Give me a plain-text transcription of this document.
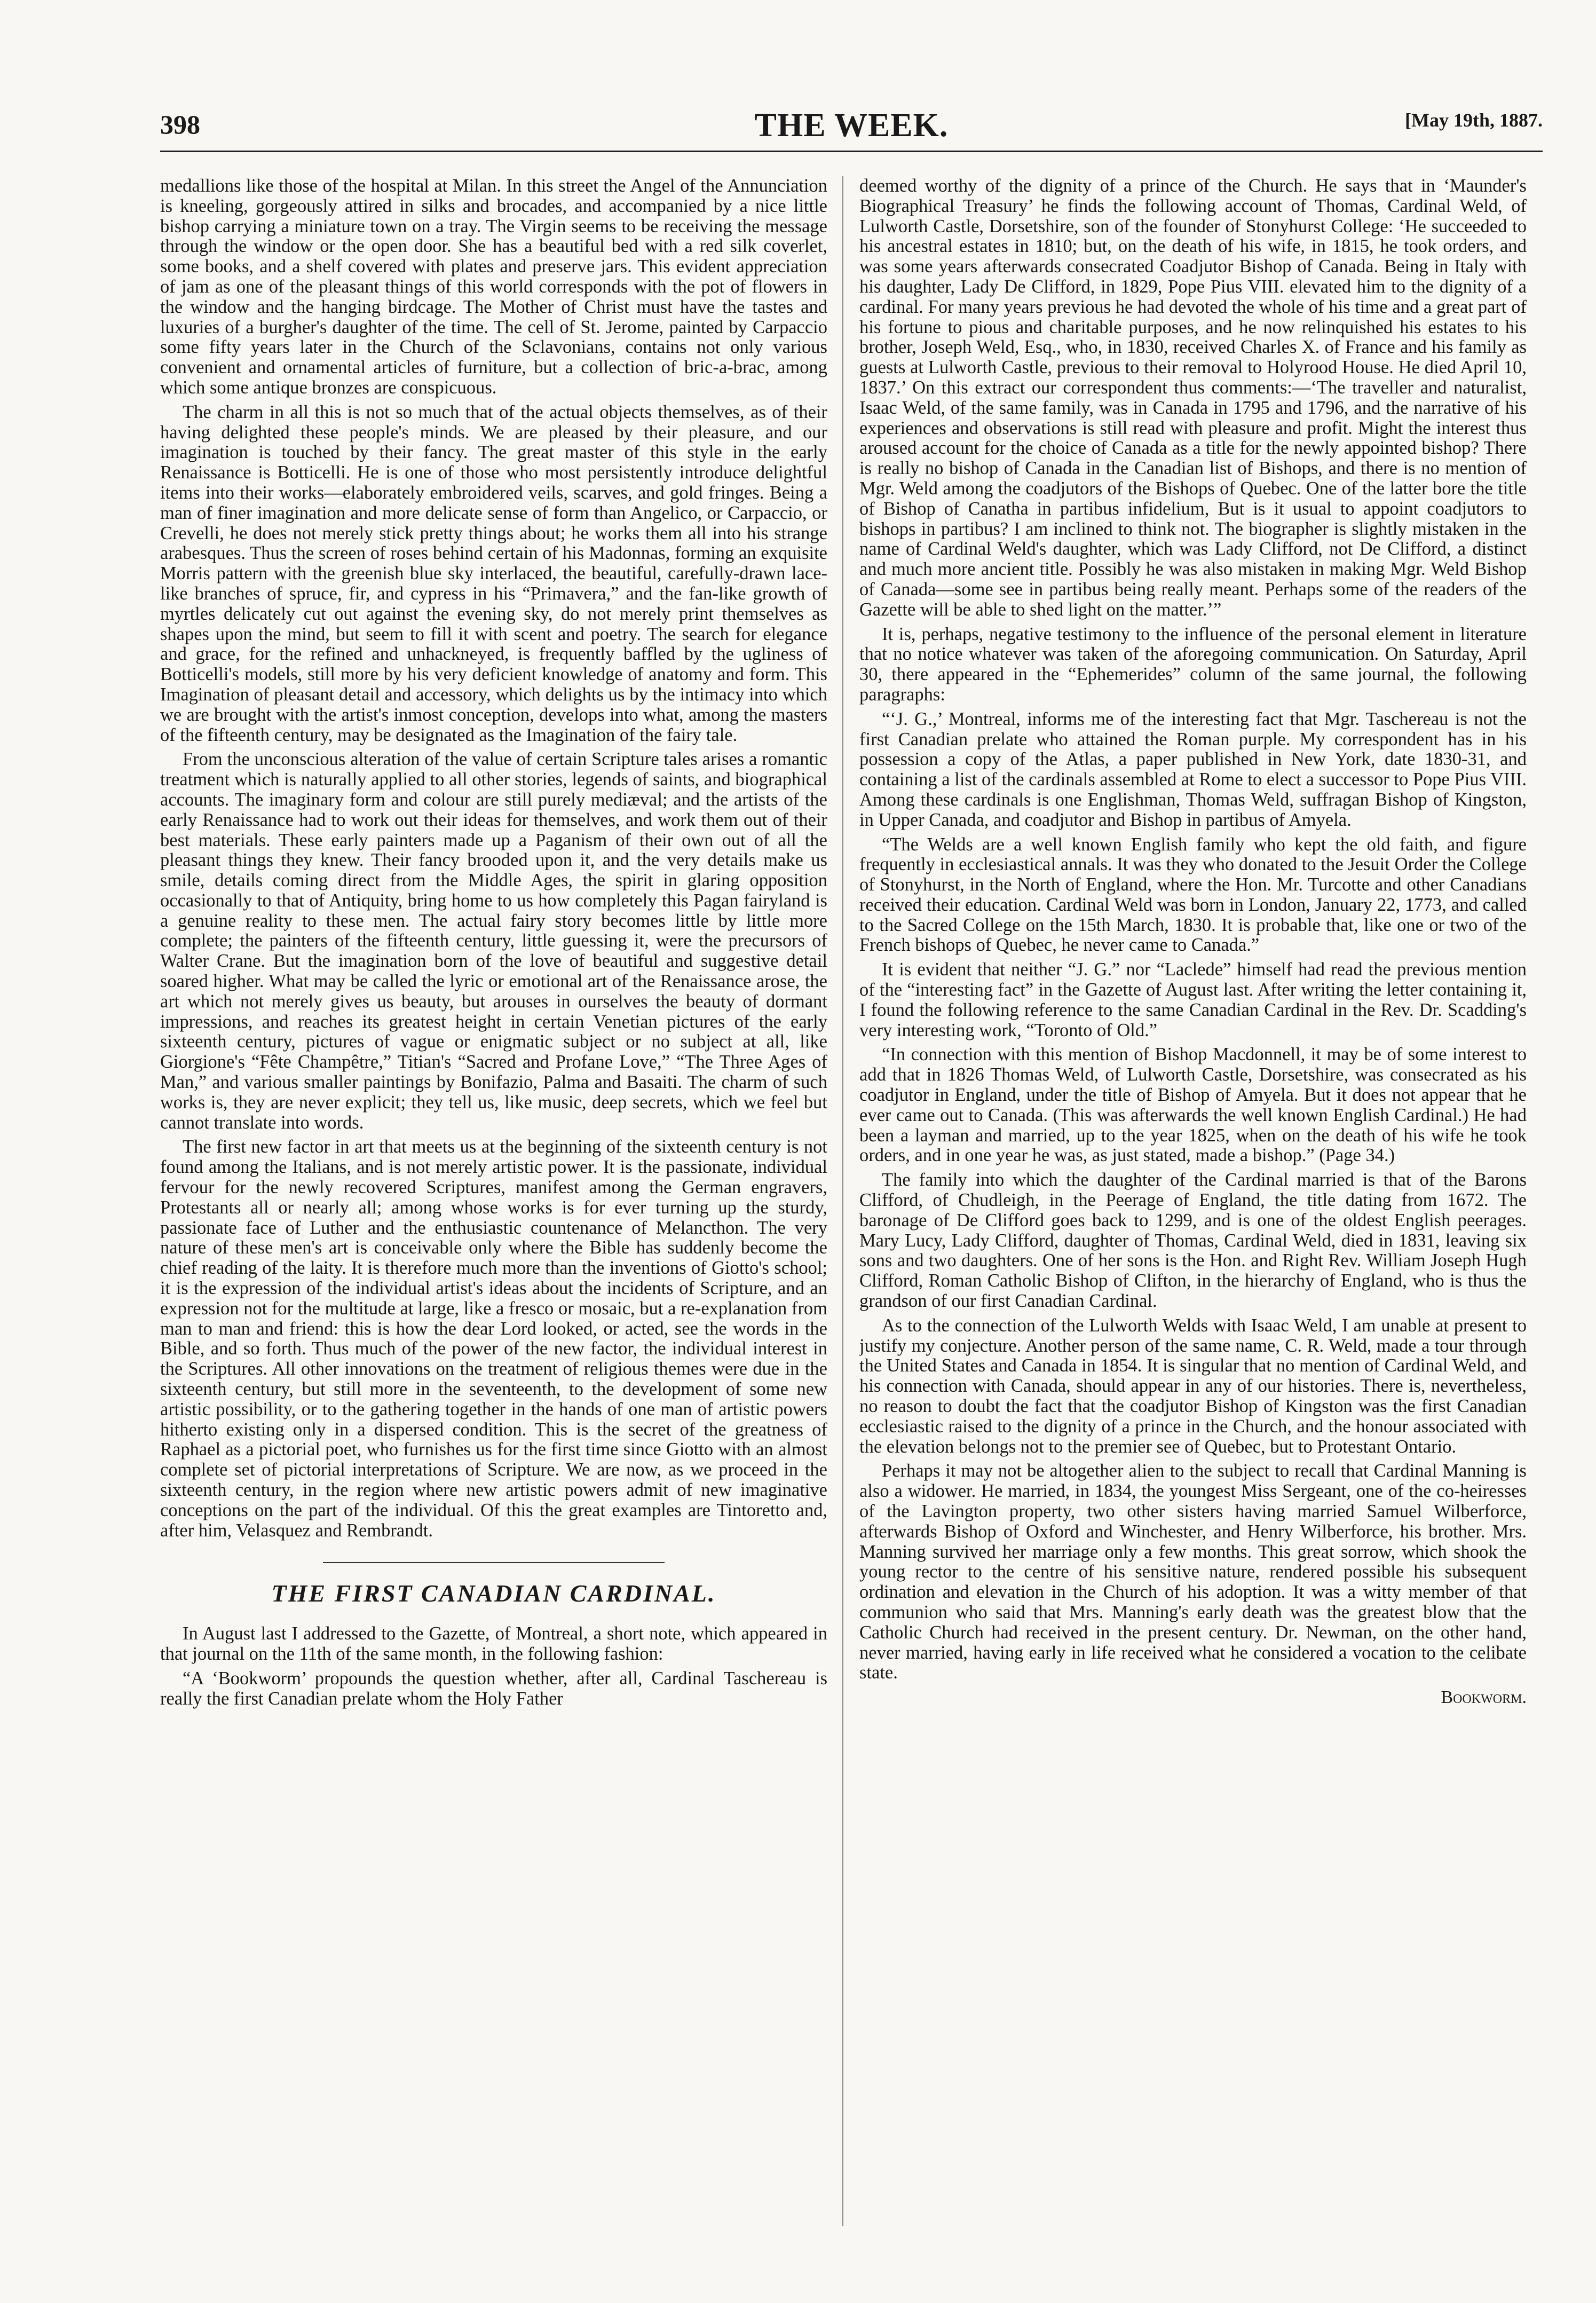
398	THE WEEK.	[May 19th, 1887.

medallions like those of the hospital at Milan. In this street the Angel of the Annunciation is kneeling, gorgeously attired in silks and brocades, and accompanied by a nice little bishop carrying a miniature town on a tray. The Virgin seems to be receiving the message through the window or the open door. She has a beautiful bed with a red silk coverlet, some books, and a shelf covered with plates and preserve jars. This evident appreciation of jam as one of the pleasant things of this world corresponds with the pot of flowers in the window and the hanging birdcage. The Mother of Christ must have the tastes and luxuries of a burgher's daughter of the time. The cell of St. Jerome, painted by Carpaccio some fifty years later in the Church of the Sclavonians, contains not only various convenient and ornamental articles of furniture, but a collection of bric-a-brac, among which some antique bronzes are conspicuous.

The charm in all this is not so much that of the actual objects themselves, as of their having delighted these people's minds. We are pleased by their pleasure, and our imagination is touched by their fancy. The great master of this style in the early Renaissance is Botticelli. He is one of those who most persistently introduce delightful items into their works—elaborately embroidered veils, scarves, and gold fringes. Being a man of finer imagination and more delicate sense of form than Angelico, or Carpaccio, or Crevelli, he does not merely stick pretty things about; he works them all into his strange arabesques. Thus the screen of roses behind certain of his Madonnas, forming an exquisite Morris pattern with the greenish blue sky interlaced, the beautiful, carefully-drawn lace-like branches of spruce, fir, and cypress in his “Primavera,” and the fan-like growth of myrtles delicately cut out against the evening sky, do not merely print themselves as shapes upon the mind, but seem to fill it with scent and poetry. The search for elegance and grace, for the refined and unhackneyed, is frequently baffled by the ugliness of Botticelli's models, still more by his very deficient knowledge of anatomy and form. This Imagination of pleasant detail and accessory, which delights us by the intimacy into which we are brought with the artist's inmost conception, develops into what, among the masters of the fifteenth century, may be designated as the Imagination of the fairy tale.

From the unconscious alteration of the value of certain Scripture tales arises a romantic treatment which is naturally applied to all other stories, legends of saints, and biographical accounts. The imaginary form and colour are still purely mediæval; and the artists of the early Renaissance had to work out their ideas for themselves, and work them out of their best materials. These early painters made up a Paganism of their own out of all the pleasant things they knew. Their fancy brooded upon it, and the very details make us smile, details coming direct from the Middle Ages, the spirit in glaring opposition occasionally to that of Antiquity, bring home to us how completely this Pagan fairyland is a genuine reality to these men. The actual fairy story becomes little by little more complete; the painters of the fifteenth century, little guessing it, were the precursors of Walter Crane. But the imagination born of the love of beautiful and suggestive detail soared higher. What may be called the lyric or emotional art of the Renaissance arose, the art which not merely gives us beauty, but arouses in ourselves the beauty of dormant impressions, and reaches its greatest height in certain Venetian pictures of the early sixteenth century, pictures of vague or enigmatic subject or no subject at all, like Giorgione's “Fête Champêtre,” Titian's “Sacred and Profane Love,” “The Three Ages of Man,” and various smaller paintings by Bonifazio, Palma and Basaiti. The charm of such works is, they are never explicit; they tell us, like music, deep secrets, which we feel but cannot translate into words.

The first new factor in art that meets us at the beginning of the sixteenth century is not found among the Italians, and is not merely artistic power. It is the passionate, individual fervour for the newly recovered Scriptures, manifest among the German engravers, Protestants all or nearly all; among whose works is for ever turning up the sturdy, passionate face of Luther and the enthusiastic countenance of Melancthon. The very nature of these men's art is conceivable only where the Bible has suddenly become the chief reading of the laity. It is therefore much more than the inventions of Giotto's school; it is the expression of the individual artist's ideas about the incidents of Scripture, and an expression not for the multitude at large, like a fresco or mosaic, but a re-explanation from man to man and friend: this is how the dear Lord looked, or acted, see the words in the Bible, and so forth. Thus much of the power of the new factor, the individual interest in the Scriptures. All other innovations on the treatment of religious themes were due in the sixteenth century, but still more in the seventeenth, to the development of some new artistic possibility, or to the gathering together in the hands of one man of artistic powers hitherto existing only in a dispersed condition. This is the secret of the greatness of Raphael as a pictorial poet, who furnishes us for the first time since Giotto with an almost complete set of pictorial interpretations of Scripture. We are now, as we proceed in the sixteenth century, in the region where new artistic powers admit of new imaginative conceptions on the part of the individual. Of this the great examples are Tintoretto and, after him, Velasquez and Rembrandt.

THE FIRST CANADIAN CARDINAL.

In August last I addressed to the Gazette, of Montreal, a short note, which appeared in that journal on the 11th of the same month, in the following fashion:

“A ‘Bookworm’ propounds the question whether, after all, Cardinal Taschereau is really the first Canadian prelate whom the Holy Father

deemed worthy of the dignity of a prince of the Church. He says that in ‘Maunder's Biographical Treasury’ he finds the following account of Thomas, Cardinal Weld, of Lulworth Castle, Dorsetshire, son of the founder of Stonyhurst College: ‘He succeeded to his ancestral estates in 1810; but, on the death of his wife, in 1815, he took orders, and was some years afterwards consecrated Coadjutor Bishop of Canada. Being in Italy with his daughter, Lady De Clifford, in 1829, Pope Pius VIII. elevated him to the dignity of a cardinal. For many years previous he had devoted the whole of his time and a great part of his fortune to pious and charitable purposes, and he now relinquished his estates to his brother, Joseph Weld, Esq., who, in 1830, received Charles X. of France and his family as guests at Lulworth Castle, previous to their removal to Holyrood House. He died April 10, 1837.’ On this extract our correspondent thus comments:—‘The traveller and naturalist, Isaac Weld, of the same family, was in Canada in 1795 and 1796, and the narrative of his experiences and observations is still read with pleasure and profit. Might the interest thus aroused account for the choice of Canada as a title for the newly appointed bishop? There is really no bishop of Canada in the Canadian list of Bishops, and there is no mention of Mgr. Weld among the coadjutors of the Bishops of Quebec. One of the latter bore the title of Bishop of Canatha in partibus infidelium, But is it usual to appoint coadjutors to bishops in partibus? I am inclined to think not. The biographer is slightly mistaken in the name of Cardinal Weld's daughter, which was Lady Clifford, not De Clifford, a distinct and much more ancient title. Possibly he was also mistaken in making Mgr. Weld Bishop of Canada—some see in partibus being really meant. Perhaps some of the readers of the Gazette will be able to shed light on the matter.’”

It is, perhaps, negative testimony to the influence of the personal element in literature that no notice whatever was taken of the aforegoing communication. On Saturday, April 30, there appeared in the “Ephemerides” column of the same journal, the following paragraphs:

“‘J. G.,’ Montreal, informs me of the interesting fact that Mgr. Taschereau is not the first Canadian prelate who attained the Roman purple. My correspondent has in his possession a copy of the Atlas, a paper published in New York, date 1830-31, and containing a list of the cardinals assembled at Rome to elect a successor to Pope Pius VIII. Among these cardinals is one Englishman, Thomas Weld, suffragan Bishop of Kingston, in Upper Canada, and coadjutor and Bishop in partibus of Amyela.

“The Welds are a well known English family who kept the old faith, and figure frequently in ecclesiastical annals. It was they who donated to the Jesuit Order the College of Stonyhurst, in the North of England, where the Hon. Mr. Turcotte and other Canadians received their education. Cardinal Weld was born in London, January 22, 1773, and called to the Sacred College on the 15th March, 1830. It is probable that, like one or two of the French bishops of Quebec, he never came to Canada.”

It is evident that neither “J. G.” nor “Laclede” himself had read the previous mention of the “interesting fact” in the Gazette of August last. After writing the letter containing it, I found the following reference to the same Canadian Cardinal in the Rev. Dr. Scadding's very interesting work, “Toronto of Old.”

“In connection with this mention of Bishop Macdonnell, it may be of some interest to add that in 1826 Thomas Weld, of Lulworth Castle, Dorsetshire, was consecrated as his coadjutor in England, under the title of Bishop of Amyela. But it does not appear that he ever came out to Canada. (This was afterwards the well known English Cardinal.) He had been a layman and married, up to the year 1825, when on the death of his wife he took orders, and in one year he was, as just stated, made a bishop.” (Page 34.)

The family into which the daughter of the Cardinal married is that of the Barons Clifford, of Chudleigh, in the Peerage of England, the title dating from 1672. The baronage of De Clifford goes back to 1299, and is one of the oldest English peerages. Mary Lucy, Lady Clifford, daughter of Thomas, Cardinal Weld, died in 1831, leaving six sons and two daughters. One of her sons is the Hon. and Right Rev. William Joseph Hugh Clifford, Roman Catholic Bishop of Clifton, in the hierarchy of England, who is thus the grandson of our first Canadian Cardinal.

As to the connection of the Lulworth Welds with Isaac Weld, I am unable at present to justify my conjecture. Another person of the same name, C. R. Weld, made a tour through the United States and Canada in 1854. It is singular that no mention of Cardinal Weld, and his connection with Canada, should appear in any of our histories. There is, nevertheless, no reason to doubt the fact that the coadjutor Bishop of Kingston was the first Canadian ecclesiastic raised to the dignity of a prince in the Church, and the honour associated with the elevation belongs not to the premier see of Quebec, but to Protestant Ontario.

Perhaps it may not be altogether alien to the subject to recall that Cardinal Manning is also a widower. He married, in 1834, the youngest Miss Sergeant, one of the co-heiresses of the Lavington property, two other sisters having married Samuel Wilberforce, afterwards Bishop of Oxford and Winchester, and Henry Wilberforce, his brother. Mrs. Manning survived her marriage only a few months. This great sorrow, which shook the young rector to the centre of his sensitive nature, rendered possible his subsequent ordination and elevation in the Church of his adoption. It was a witty member of that communion who said that Mrs. Manning's early death was the greatest blow that the Catholic Church had received in the present century. Dr. Newman, on the other hand, never married, having early in life received what he considered a vocation to the celibate state.

Bookworm.
